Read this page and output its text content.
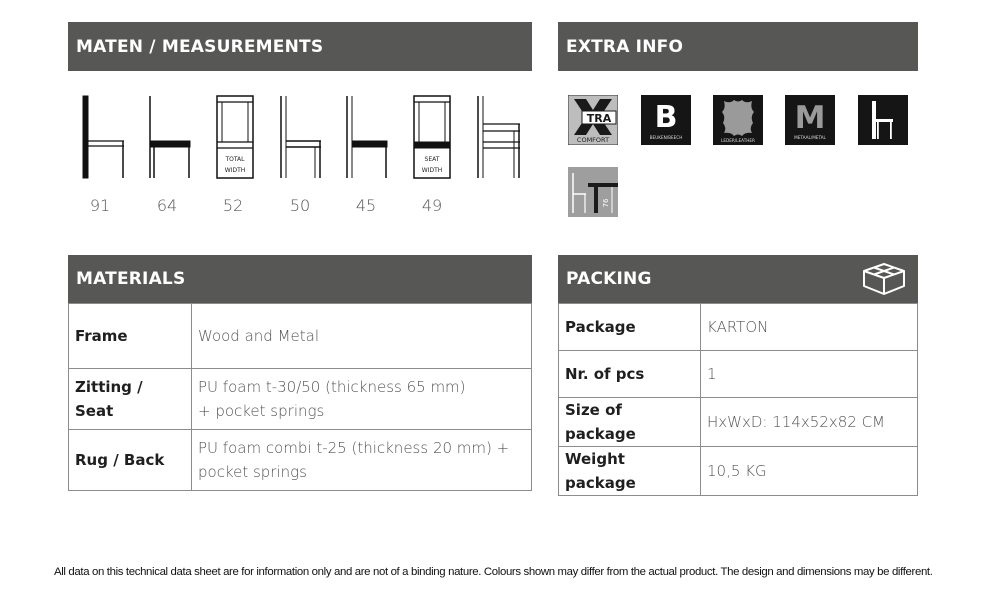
MATEN / MEASUREMENTS
TOTAL
WIDTH
SEAT
WIDTH
91	64	52	50	45	49
EXTRA INFO
TRA
COMFORT
B
BEUKEN/BEECH
LEDER/LEATHER
M
METAAL/METAL
76
MATERIALS
Frame	Wood and Metal

Zitting / Seat	PU foam t-30/50 (thickness 65 mm)
+ pocket springs

Rug / Back	PU foam combi t-25 (thickness 20 mm) +
pocket springs
PACKING
Package	KARTON
Nr. of pcs	1
Size of package	HxWxD: 114x52x82 CM
Weight package	10,5 KG
All data on this technical data sheet are for information only and are not of a binding nature. Colours shown may differ from the actual product. The design and dimensions may be different.
